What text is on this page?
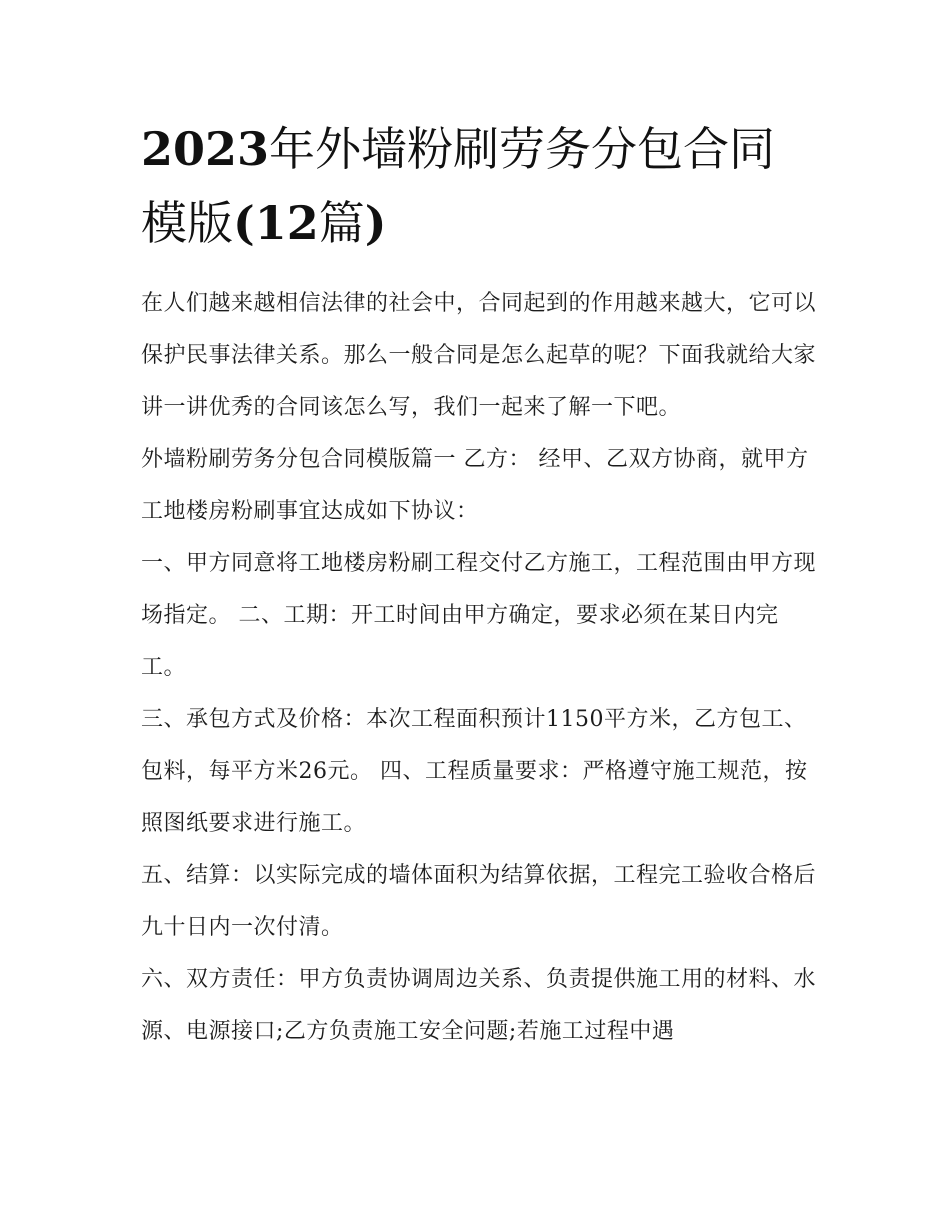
2023年外墙粉刷劳务分包合同模版(12篇)

在人们越来越相信法律的社会中，合同起到的作用越来越大，它可以保护民事法律关系。那么一般合同是怎么起草的呢？下面我就给大家讲一讲优秀的合同该怎么写，我们一起来了解一下吧。

外墙粉刷劳务分包合同模版篇一 乙方： 经甲、乙双方协商，就甲方工地楼房粉刷事宜达成如下协议：

一、甲方同意将工地楼房粉刷工程交付乙方施工，工程范围由甲方现场指定。 二、工期：开工时间由甲方确定，要求必须在某日内完工。

三、承包方式及价格：本次工程面积预计1150平方米，乙方包工、包料，每平方米26元。 四、工程质量要求：严格遵守施工规范，按照图纸要求进行施工。

五、结算：以实际完成的墙体面积为结算依据，工程完工验收合格后九十日内一次付清。

六、双方责任：甲方负责协调周边关系、负责提供施工用的材料、水源、电源接口;乙方负责施工安全问题;若施工过程中遇
